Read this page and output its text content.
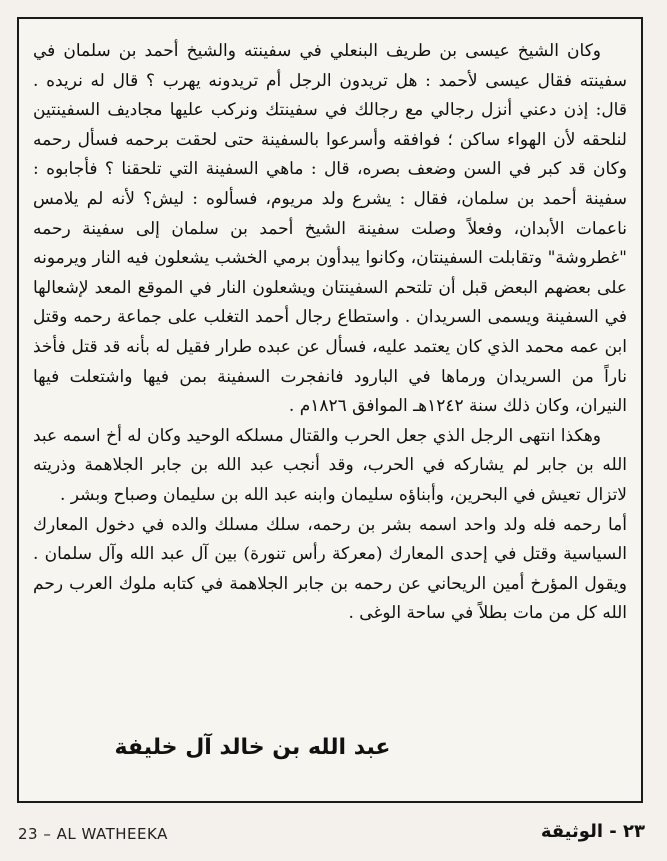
وكان الشيخ عيسى بن طريف البنعلي في سفينته والشيخ أحمد بن سلمان في سفينته فقال عيسى لأحمد : هل تريدون الرجل أم تريدونه يهرب ؟ قال له نريده . قال: إذن دعني أنزل رجالي مع رجالك في سفينتك ونركب عليها مجاديف السفينتين لنلحقه لأن الهواء ساكن ؛ فوافقه وأسرعوا بالسفينة حتى لحقت برحمه فسأل رحمه وكان قد كبر في السن وضعف بصره، قال : ماهي السفينة التي تلحقنا ؟ فأجابوه : سفينة أحمد بن سلمان، فقال : يشرع ولد مريوم، فسألوه : ليش؟ لأنه لم يلامس ناعمات الأبدان، وفعلاً وصلت سفينة الشيخ أحمد بن سلمان إلى سفينة رحمه "غطروشة" وتقابلت السفينتان، وكانوا يبدأون برمي الخشب يشعلون فيه النار ويرمونه على بعضهم البعض قبل أن تلتحم السفينتان ويشعلون النار في الموقع المعد لإشعالها في السفينة ويسمى السريدان . واستطاع رجال أحمد التغلب على جماعة رحمه وقتل ابن عمه محمد الذي كان يعتمد عليه، فسأل عن عبده طرار فقيل له بأنه قد قتل فأخذ ناراً من السريدان ورماها في البارود فانفجرت السفينة بمن فيها واشتعلت فيها النيران، وكان ذلك سنة ١٢٤٢هـ الموافق ١٨٢٦م .

وهكذا انتهى الرجل الذي جعل الحرب والقتال مسلكه الوحيد وكان له أخ اسمه عبد الله بن جابر لم يشاركه في الحرب، وقد أنجب عبد الله بن جابر الجلاهمة وذريته لاتزال تعيش في البحرين، وأبناؤه سليمان وابنه عبد الله بن سليمان وصباح وبشر .

أما رحمه فله ولد واحد اسمه بشر بن رحمه، سلك مسلك والده في دخول المعارك السياسية وقتل في إحدى المعارك (معركة رأس تنورة) بين آل عبد الله وآل سلمان . ويقول المؤرخ أمين الريحاني عن رحمه بن جابر الجلاهمة في كتابه ملوك العرب رحم الله كل من مات بطلاً في ساحة الوغى .

عبد الله بن خالد آل خليفة
23 – AL WATHEEKA	٢٣ - الوثيقة
